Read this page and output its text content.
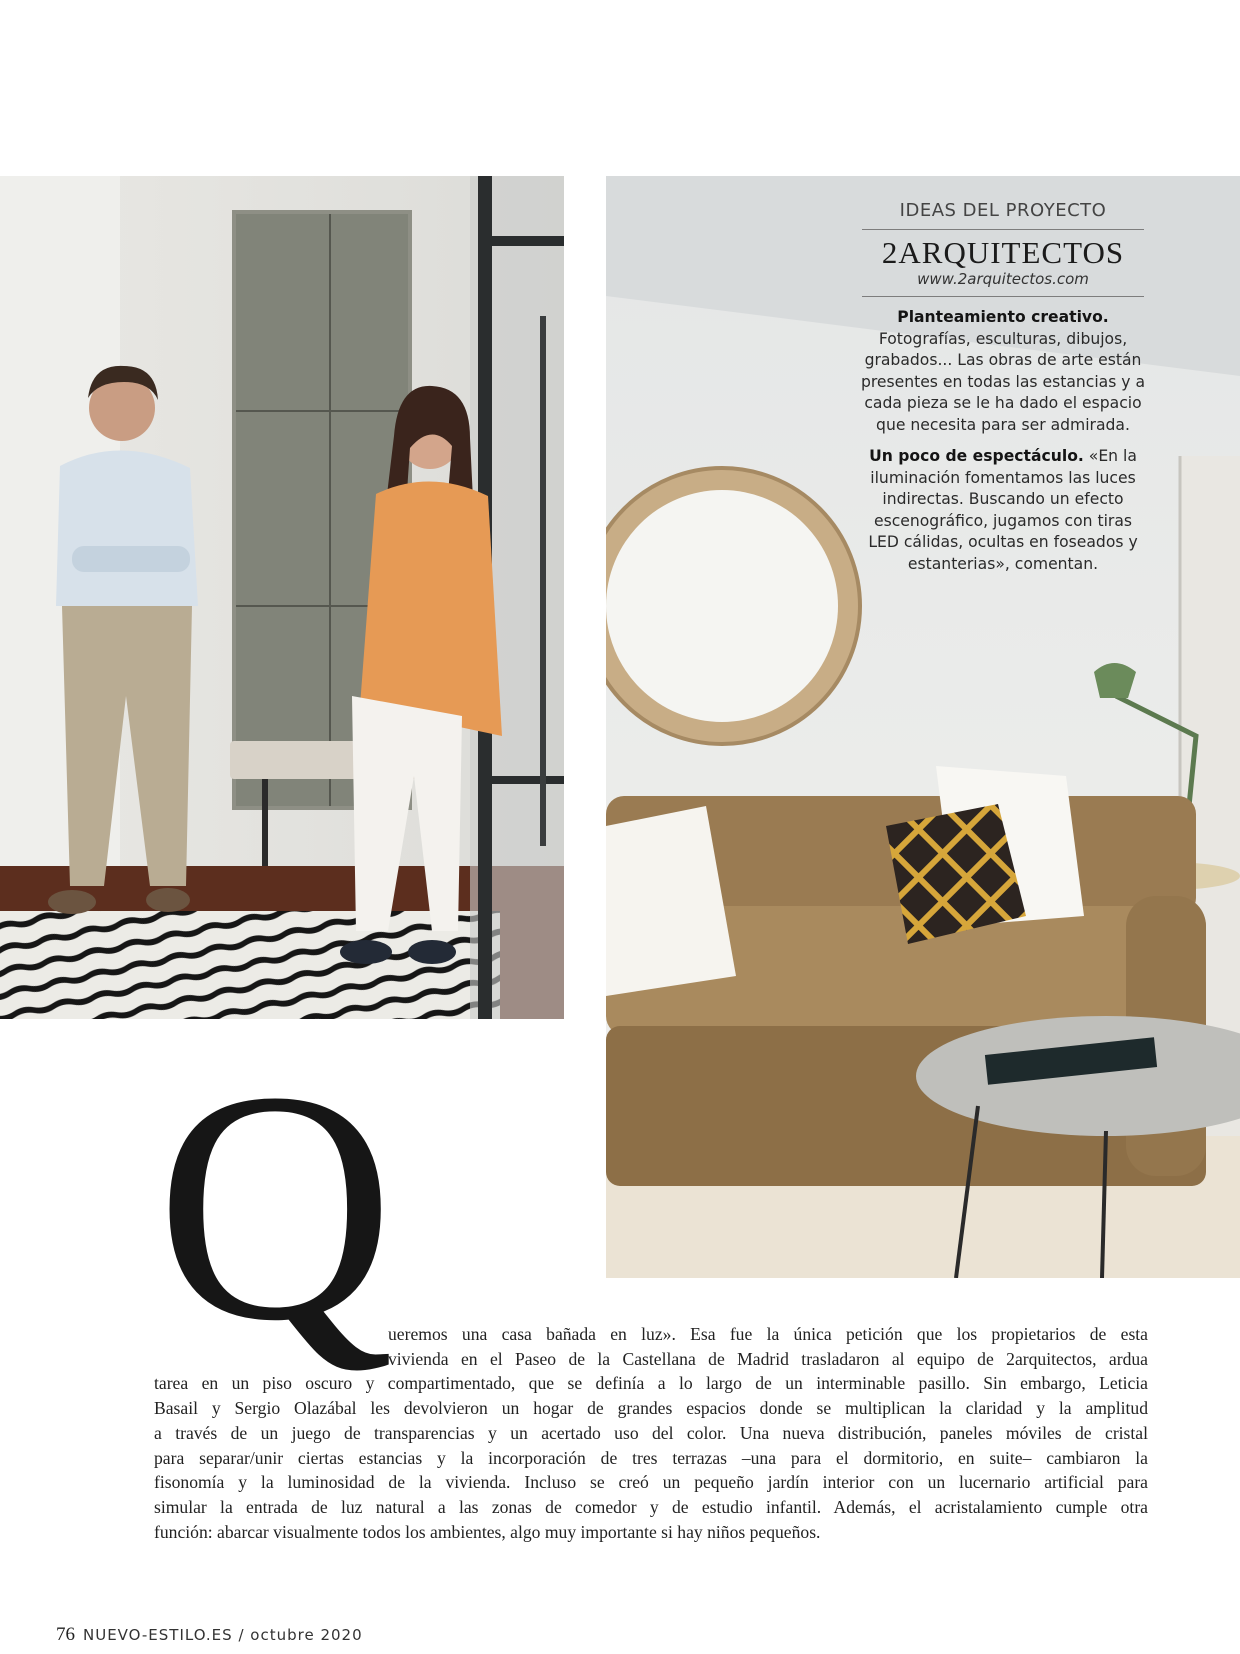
IDEAS DEL PROYECTO

2ARQUITECTOS

www.2arquitectos.com

Planteamiento creativo. Fotografías, esculturas, dibujos, grabados... Las obras de arte están presentes en todas las estancias y a cada pieza se le ha dado el espacio que necesita para ser admirada.

Un poco de espectáculo. «En la iluminación fomentamos las luces indirectas. Buscando un efecto escenográfico, jugamos con tiras LED cálidas, ocultas en foseados y estanterias», comentan.

Q
ueremos una casa bañada en luz». Esa fue la única petición que los propietarios de esta
vivienda en el Paseo de la Castellana de Madrid trasladaron al equipo de 2arquitectos, ardua
tarea en un piso oscuro y compartimentado, que se definía a lo largo de un interminable pasillo. Sin embargo, Leticia
Basail y Sergio Olazábal les devolvieron un hogar de grandes espacios donde se multiplican la claridad y la amplitud
a través de un juego de transparencias y un acertado uso del color. Una nueva distribución, paneles móviles de cristal
para separar/unir ciertas estancias y la incorporación de tres terrazas –una para el dormitorio, en suite– cambiaron la
fisonomía y la luminosidad de la vivienda. Incluso se creó un pequeño jardín interior con un lucernario artificial para
simular la entrada de luz natural a las zonas de comedor y de estudio infantil. Además, el acristalamiento cumple otra
función: abarcar visualmente todos los ambientes, algo muy importante si hay niños pequeños.
76 NUEVO-ESTILO.ES / octubre 2020
